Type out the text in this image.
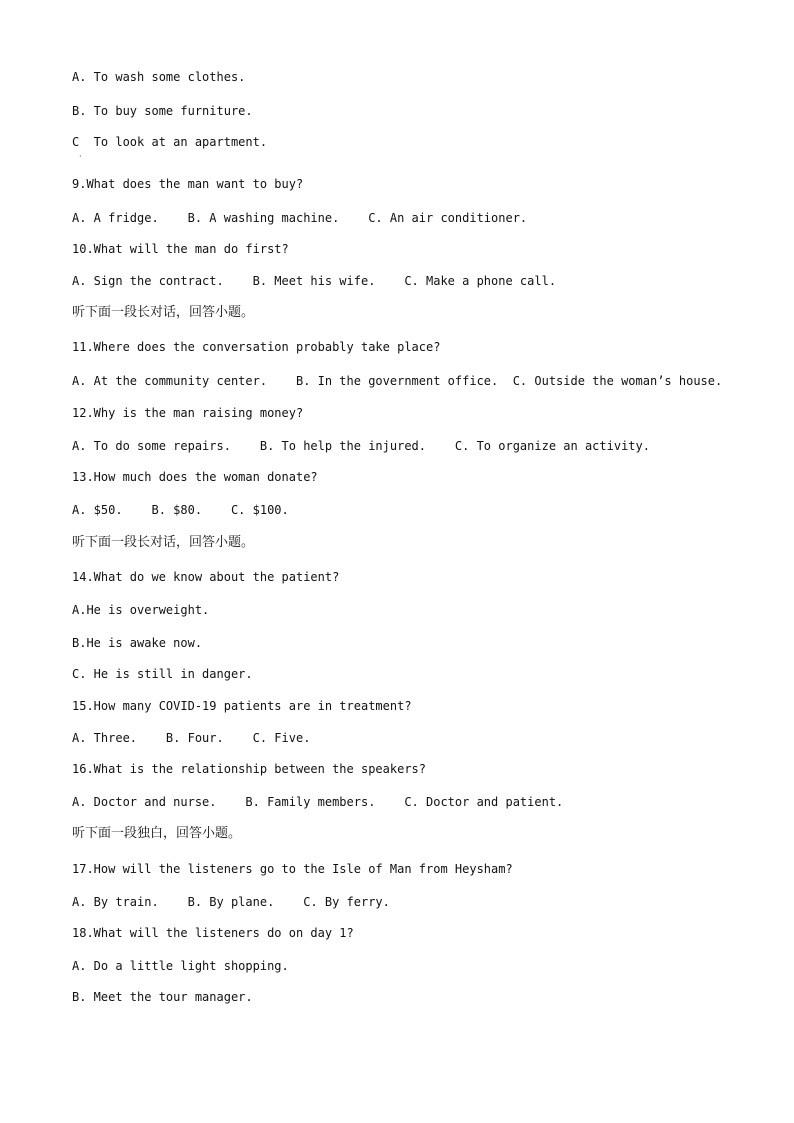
A. To wash some clothes.
B. To buy some furniture.
C  To look at an apartment.
·
9.What does the man want to buy?
A. A fridge.    B. A washing machine.    C. An air conditioner.
10.What will the man do first?
A. Sign the contract.    B. Meet his wife.    C. Make a phone call.
听下面一段长对话，回答小题。
11.Where does the conversation probably take place?
A. At the community center.    B. In the government office.  C. Outside the woman’s house.
12.Why is the man raising money?
A. To do some repairs.    B. To help the injured.    C. To organize an activity.
13.How much does the woman donate?
A. $50.    B. $80.    C. $100.
听下面一段长对话，回答小题。
14.What do we know about the patient?
A.He is overweight.
B.He is awake now.
C. He is still in danger.
15.How many COVID-19 patients are in treatment?
A. Three.    B. Four.    C. Five.
16.What is the relationship between the speakers?
A. Doctor and nurse.    B. Family members.    C. Doctor and patient.
听下面一段独白，回答小题。
17.How will the listeners go to the Isle of Man from Heysham?
A. By train.    B. By plane.    C. By ferry.
18.What will the listeners do on day 1?
A. Do a little light shopping.
B. Meet the tour manager.
